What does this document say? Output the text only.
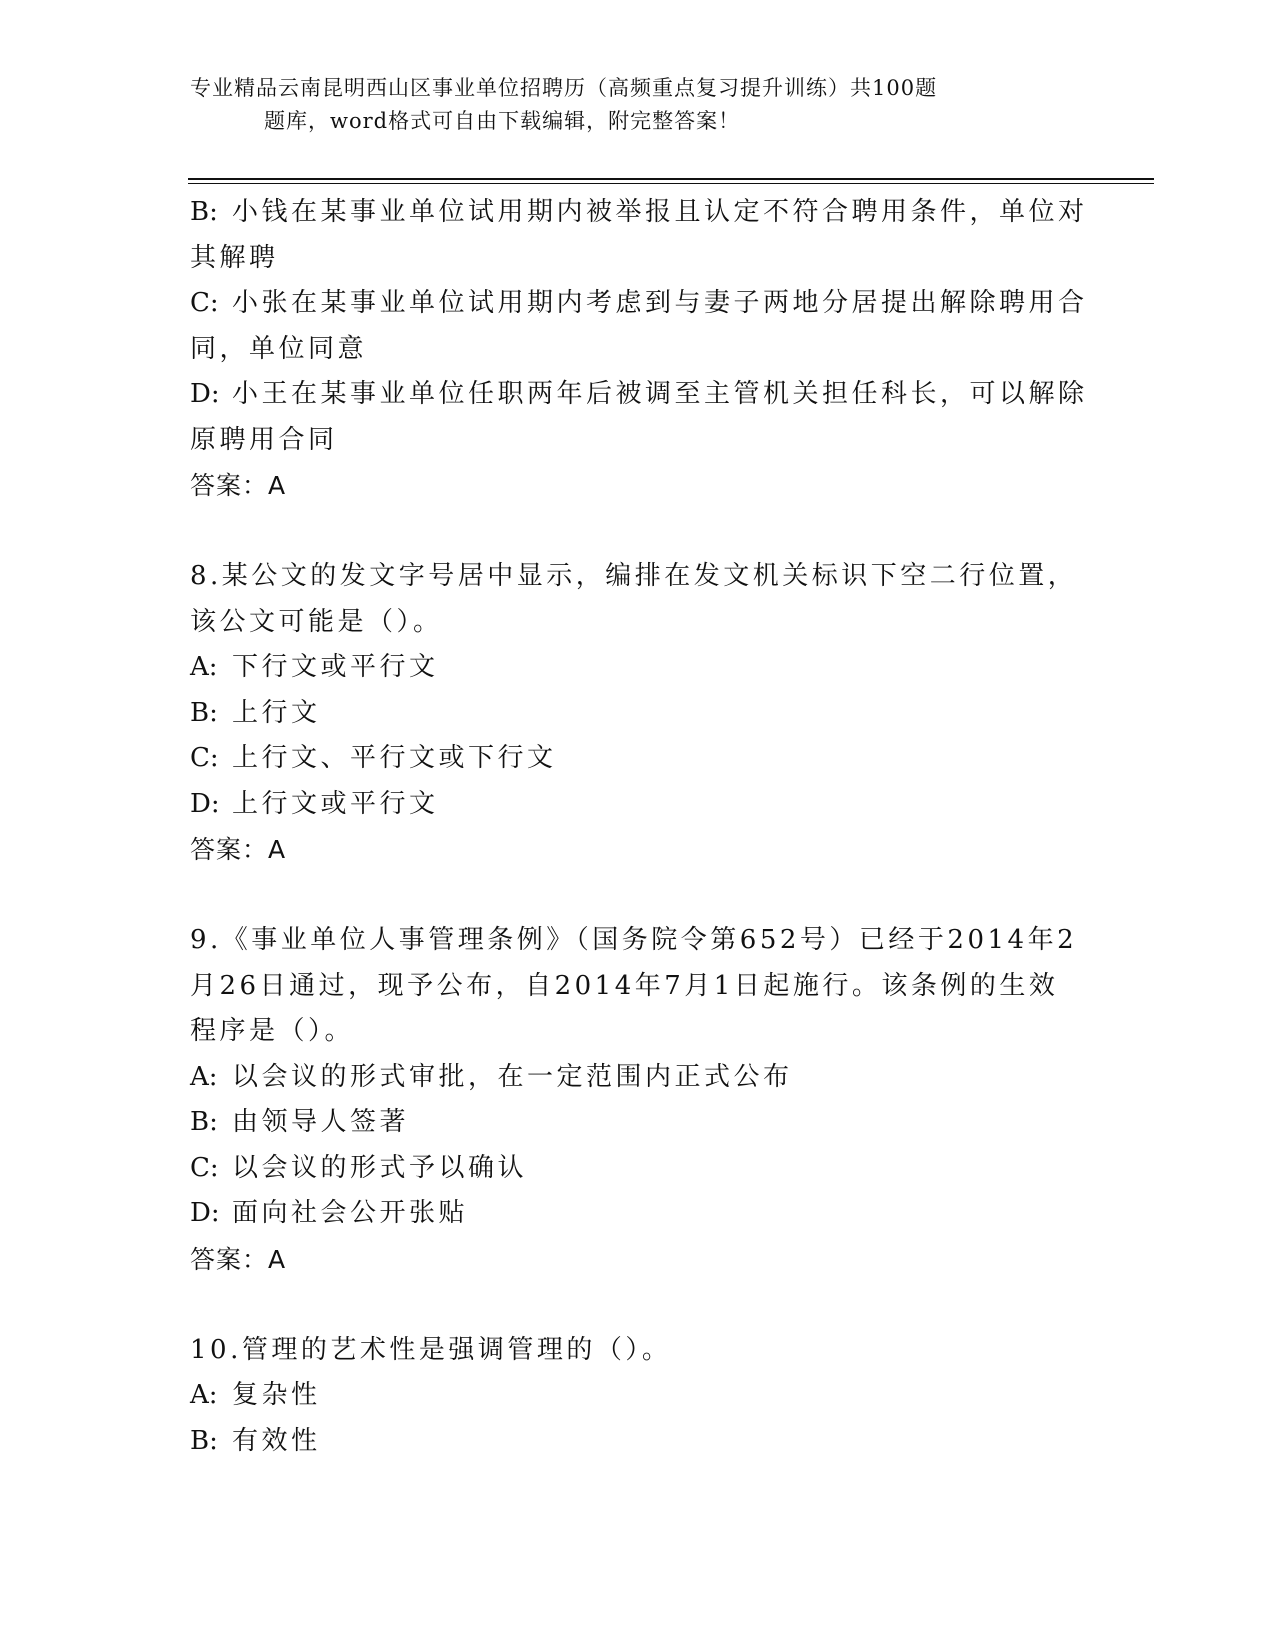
专业精品云南昆明西山区事业单位招聘历（高频重点复习提升训练）共100题
题库，word格式可自由下载编辑，附完整答案！
B: 小钱在某事业单位试用期内被举报且认定不符合聘用条件，单位对
其解聘
C: 小张在某事业单位试用期内考虑到与妻子两地分居提出解除聘用合
同，单位同意
D: 小王在某事业单位任职两年后被调至主管机关担任科长，可以解除
原聘用合同
答案：A
8.某公文的发文字号居中显示，编排在发文机关标识下空二行位置，
该公文可能是（）。
A: 下行文或平行文
B: 上行文
C: 上行文、平行文或下行文
D: 上行文或平行文
答案：A
9.《事业单位人事管理条例》（国务院令第652号）已经于2014年2
月26日通过，现予公布，自2014年7月1日起施行。该条例的生效
程序是（）。
A: 以会议的形式审批，在一定范围内正式公布
B: 由领导人签著
C: 以会议的形式予以确认
D: 面向社会公开张贴
答案：A
10.管理的艺术性是强调管理的（）。
A: 复杂性
B: 有效性
